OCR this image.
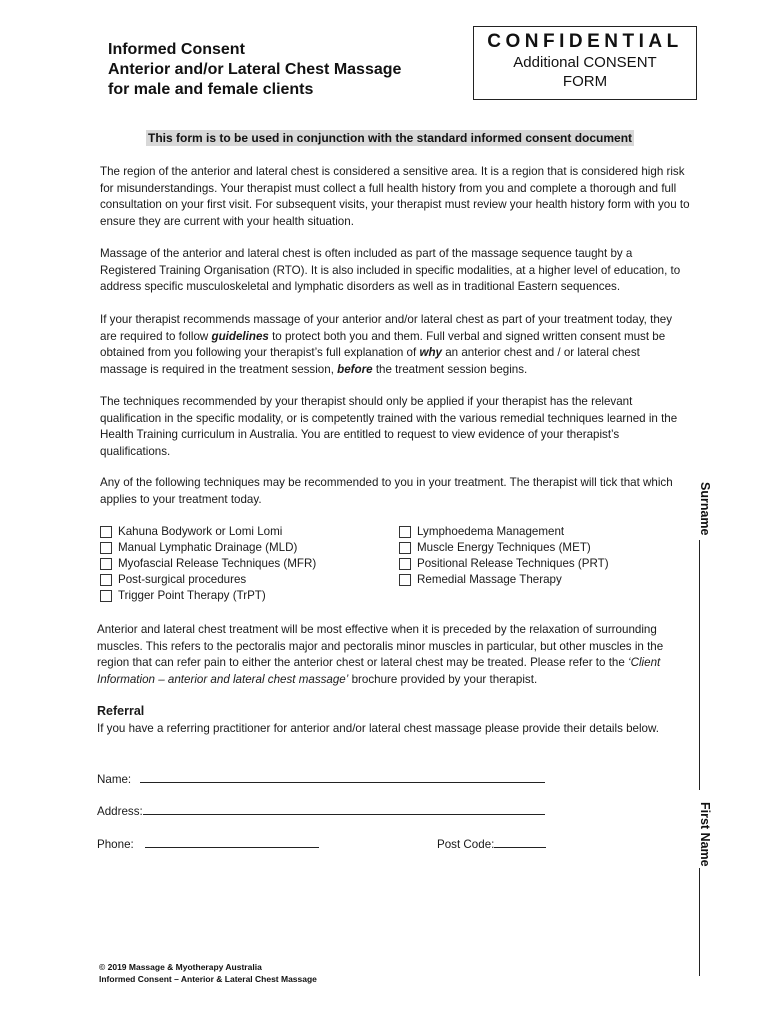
Informed Consent
Anterior and/or Lateral Chest Massage
for male and female clients
CONFIDENTIAL
Additional CONSENT
FORM
This form is to be used in conjunction with the standard informed consent document

The region of the anterior and lateral chest is considered a sensitive area. It is a region that is considered high risk for misunderstandings. Your therapist must collect a full health history from you and complete a thorough and full consultation on your first visit. For subsequent visits, your therapist must review your health history form with you to ensure they are current with your health situation.

Massage of the anterior and lateral chest is often included as part of the massage sequence taught by a Registered Training Organisation (RTO). It is also included in specific modalities, at a higher level of education, to address specific musculoskeletal and lymphatic disorders as well as in traditional Eastern sequences.

If your therapist recommends massage of your anterior and/or lateral chest as part of your treatment today, they are required to follow guidelines to protect both you and them. Full verbal and signed written consent must be obtained from you following your therapist’s full explanation of why an anterior chest and / or lateral chest massage is required in the treatment session, before the treatment session begins.

The techniques recommended by your therapist should only be applied if your therapist has the relevant qualification in the specific modality, or is competently trained with the various remedial techniques learned in the Health Training curriculum in Australia. You are entitled to request to view evidence of your therapist’s qualifications.

Any of the following techniques may be recommended to you in your treatment. The therapist will tick that which applies to your treatment today.

Kahuna Bodywork or Lomi Lomi
Manual Lymphatic Drainage (MLD)
Myofascial Release Techniques (MFR)
Post-surgical procedures
Trigger Point Therapy (TrPT)
Lymphoedema Management
Muscle Energy Techniques (MET)
Positional Release Techniques (PRT)
Remedial Massage Therapy

Anterior and lateral chest treatment will be most effective when it is preceded by the relaxation of surrounding muscles. This refers to the pectoralis major and pectoralis minor muscles in particular, but other muscles in the region that can refer pain to either the anterior chest or lateral chest may be treated. Please refer to the ‘Client Information – anterior and lateral chest massage’ brochure provided by your therapist.

Referral

If you have a referring practitioner for anterior and/or lateral chest massage please provide their details below.

Name:
Address:
Phone:	Post Code:
© 2019 Massage & Myotherapy Australia
Informed Consent – Anterior & Lateral Chest Massage
Surname
First Name
